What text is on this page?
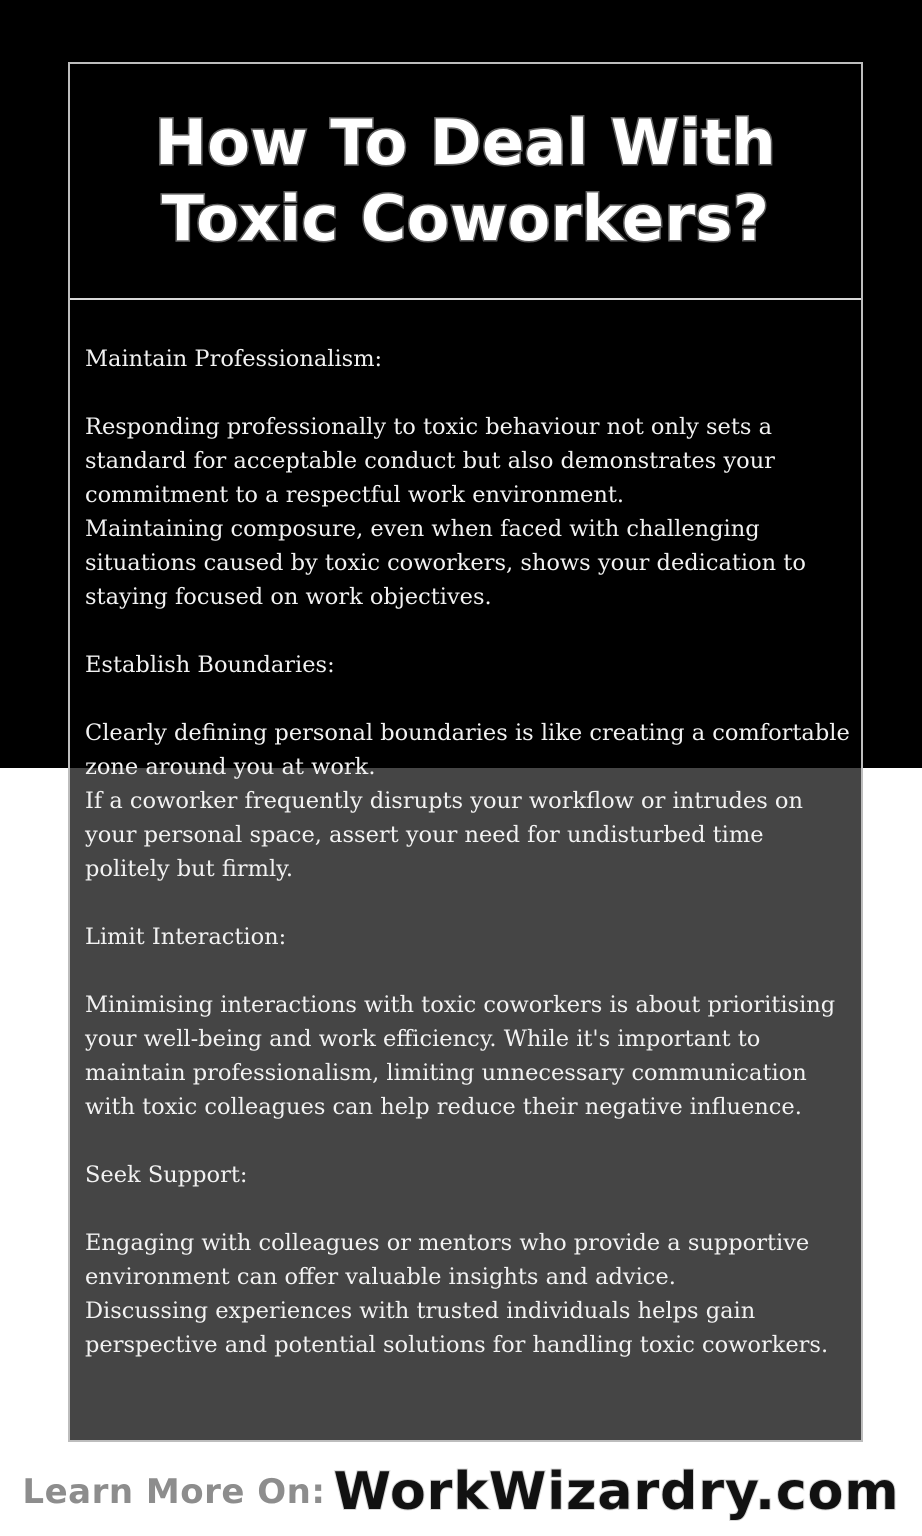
How To Deal With Toxic Coworkers?

Maintain Professionalism:

Responding professionally to toxic behaviour not only sets a standard for acceptable conduct but also demonstrates your commitment to a respectful work environment.

Maintaining composure, even when faced with challenging situations caused by toxic coworkers, shows your dedication to staying focused on work objectives.

Establish Boundaries:

Clearly defining personal boundaries is like creating a comfortable zone around you at work.

If a coworker frequently disrupts your workflow or intrudes on your personal space, assert your need for undisturbed time politely but firmly.

Limit Interaction:

Minimising interactions with toxic coworkers is about prioritising your well-being and work efficiency. While it's important to maintain professionalism, limiting unnecessary communication with toxic colleagues can help reduce their negative influence.

Seek Support:

Engaging with colleagues or mentors who provide a supportive environment can offer valuable insights and advice.

Discussing experiences with trusted individuals helps gain perspective and potential solutions for handling toxic coworkers.

Learn More On: WorkWizardry.com
